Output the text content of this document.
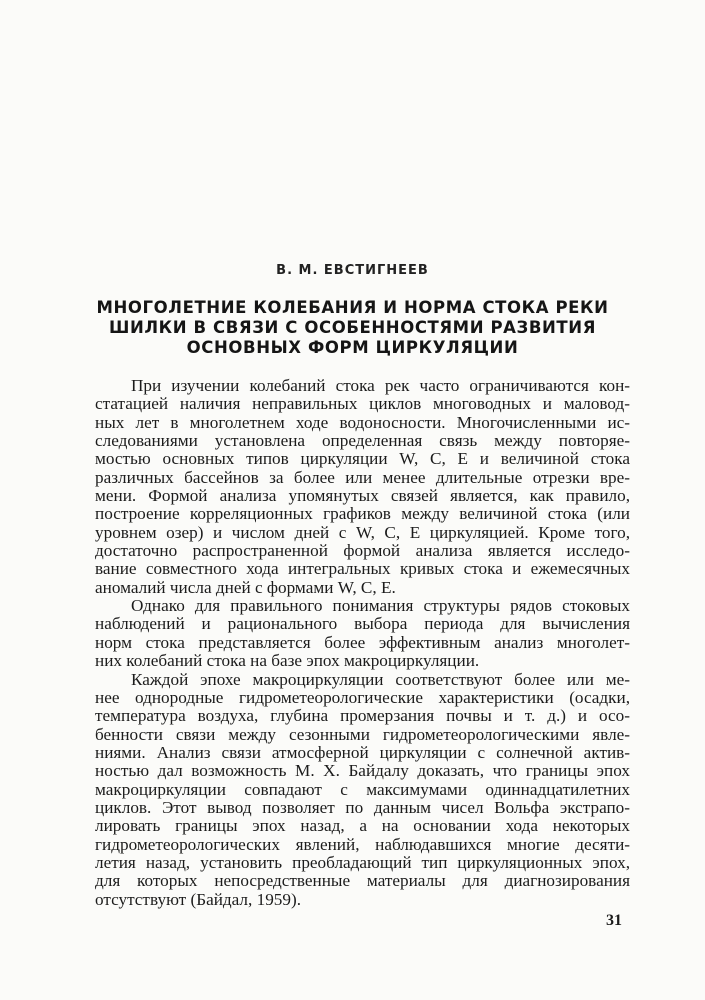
В. М. ЕВСТИГНЕЕВ
МНОГОЛЕТНИЕ КОЛЕБАНИЯ И НОРМА СТОКА РЕКИ
ШИЛКИ В СВЯЗИ С ОСОБЕННОСТЯМИ РАЗВИТИЯ
ОСНОВНЫХ ФОРМ ЦИРКУЛЯЦИИ
При изучении колебаний стока рек часто ограничиваются кон-
статацией наличия неправильных циклов многоводных и маловод-
ных лет в многолетнем ходе водоносности. Многочисленными ис-
следованиями установлена определенная связь между повторяе-
мостью основных типов циркуляции W, C, E и величиной стока
различных бассейнов за более или менее длительные отрезки вре-
мени. Формой анализа упомянутых связей является, как правило,
построение корреляционных графиков между величиной стока (или
уровнем озер) и числом дней с W, C, E циркуляцией. Кроме того,
достаточно распространенной формой анализа является исследо-
вание совместного хода интегральных кривых стока и ежемесячных
аномалий числа дней с формами W, C, E.
Однако для правильного понимания структуры рядов стоковых
наблюдений и рационального выбора периода для вычисления
норм стока представляется более эффективным анализ многолет-
них колебаний стока на базе эпох макроциркуляции.
Каждой эпохе макроциркуляции соответствуют более или ме-
нее однородные гидрометеорологические характеристики (осадки,
температура воздуха, глубина промерзания почвы и т. д.) и осо-
бенности связи между сезонными гидрометеорологическими явле-
ниями. Анализ связи атмосферной циркуляции с солнечной актив-
ностью дал возможность М. Х. Байдалу доказать, что границы эпох
макроциркуляции совпадают с максимумами одиннадцатилетних
циклов. Этот вывод позволяет по данным чисел Вольфа экстрапо-
лировать границы эпох назад, а на основании хода некоторых
гидрометеорологических явлений, наблюдавшихся многие десяти-
летия назад, установить преобладающий тип циркуляционных эпох,
для которых непосредственные материалы для диагнозирования
отсутствуют (Байдал, 1959).
31
